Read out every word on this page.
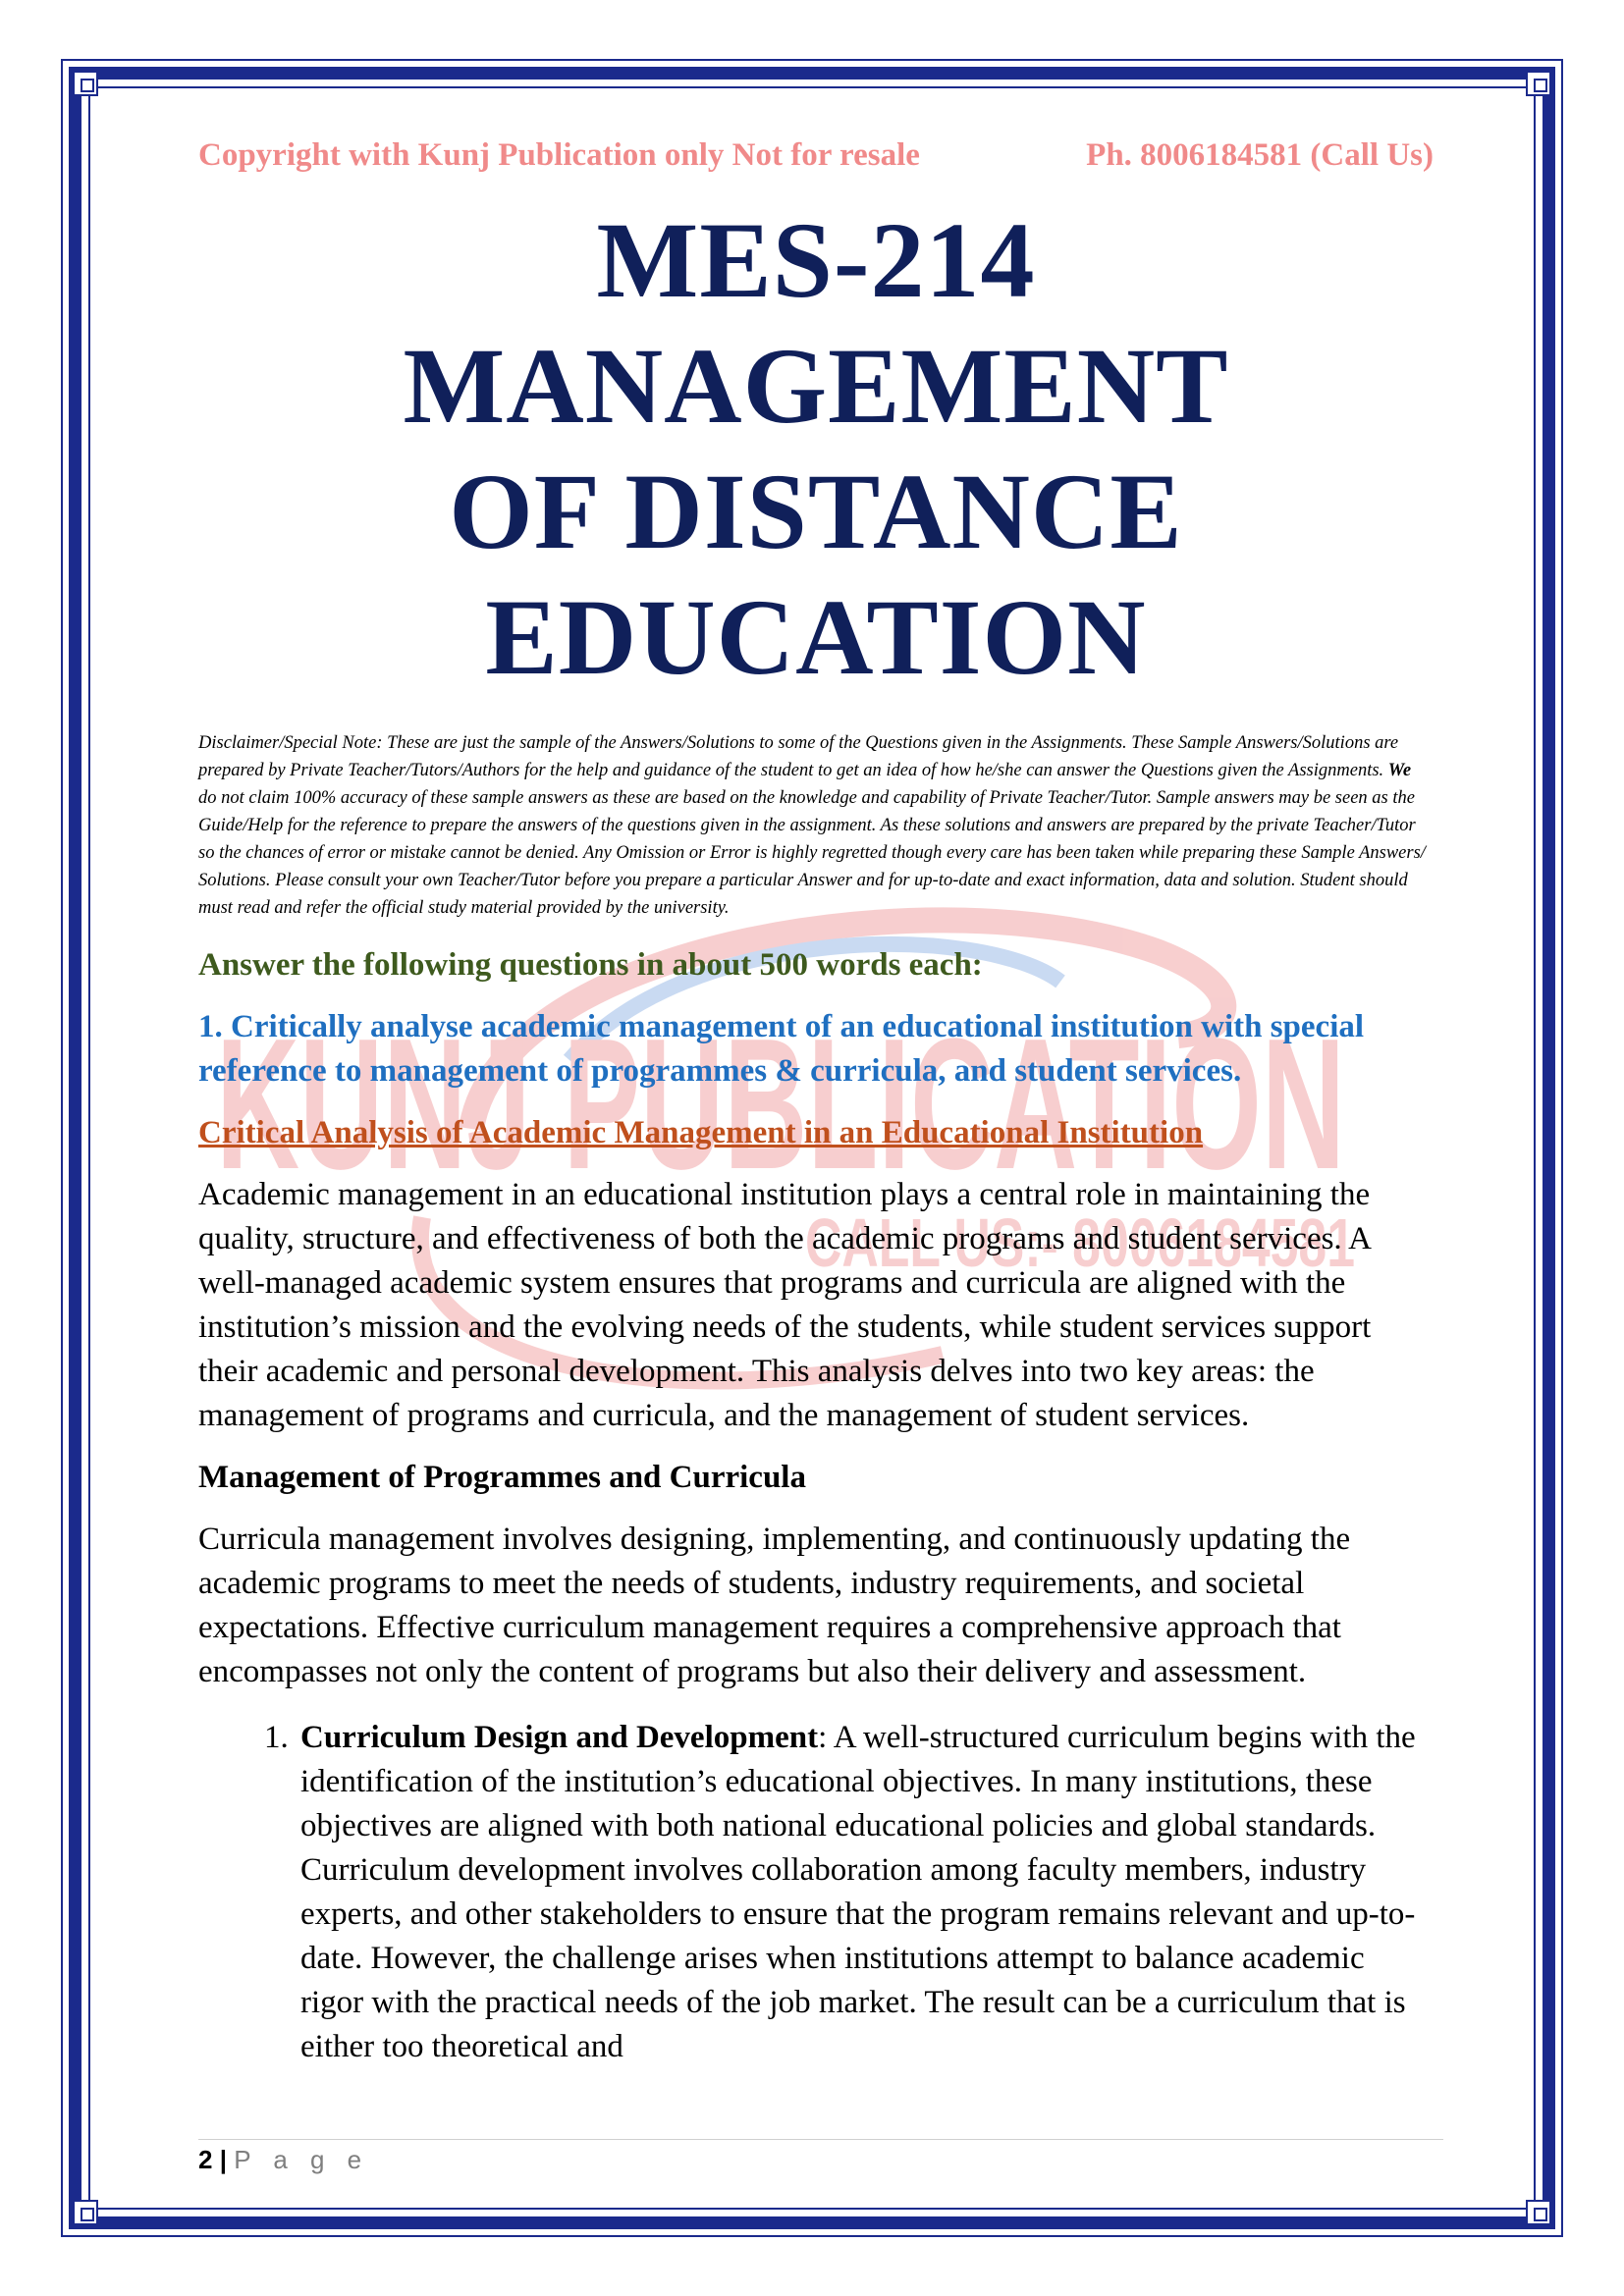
KUNJ PUBLICATION
CALL US:- 8006184581
Copyright with Kunj Publication only Not for resale	Ph. 8006184581 (Call Us)
MES-214 MANAGEMENT
OF DISTANCE
EDUCATION
Disclaimer/Special Note: These are just the sample of the Answers/Solutions to some of the Questions given in the Assignments. These Sample Answers/Solutions are prepared by Private Teacher/Tutors/Authors for the help and guidance of the student to get an idea of how he/she can answer the Questions given the Assignments. We do not claim 100% accuracy of these sample answers as these are based on the knowledge and capability of Private Teacher/Tutor. Sample answers may be seen as the Guide/Help for the reference to prepare the answers of the questions given in the assignment. As these solutions and answers are prepared by the private Teacher/Tutor so the chances of error or mistake cannot be denied. Any Omission or Error is highly regretted though every care has been taken while preparing these Sample Answers/ Solutions. Please consult your own Teacher/Tutor before you prepare a particular Answer and for up-to-date and exact information, data and solution. Student should must read and refer the official study material provided by the university.
Answer the following questions in about 500 words each:
1. Critically analyse academic management of an educational institution with special reference to management of programmes & curricula, and student services.
Critical Analysis of Academic Management in an Educational Institution

Academic management in an educational institution plays a central role in maintaining the quality, structure, and effectiveness of both the academic programs and student services. A well-managed academic system ensures that programs and curricula are aligned with the institution’s mission and the evolving needs of the students, while student services support their academic and personal development. This analysis delves into two key areas: the management of programs and curricula, and the management of student services.

Management of Programmes and Curricula

Curricula management involves designing, implementing, and continuously updating the academic programs to meet the needs of students, industry requirements, and societal expectations. Effective curriculum management requires a comprehensive approach that encompasses not only the content of programs but also their delivery and assessment.

1. Curriculum Design and Development: A well-structured curriculum begins with the identification of the institution’s educational objectives. In many institutions, these objectives are aligned with both national educational policies and global standards. Curriculum development involves collaboration among faculty members, industry experts, and other stakeholders to ensure that the program remains relevant and up-to-date. However, the challenge arises when institutions attempt to balance academic rigor with the practical needs of the job market. The result can be a curriculum that is either too theoretical and
2 | P a g e
